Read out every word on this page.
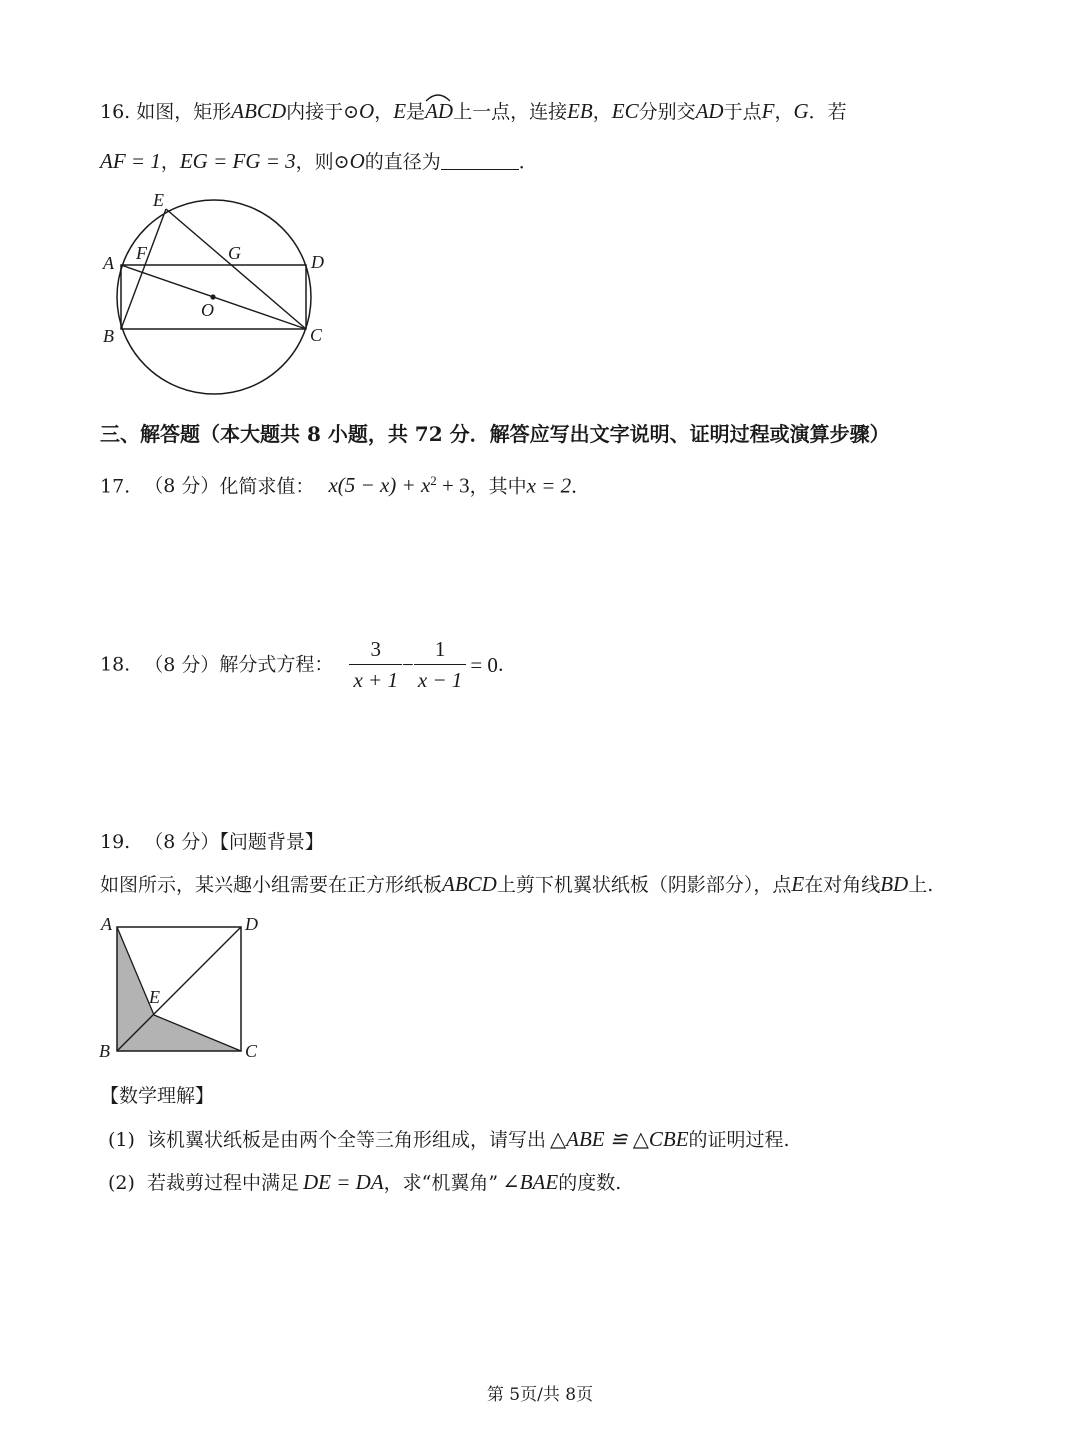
16. 如图，矩形ABCD内接于⊙O，E是
AD上一点，连接EB，EC分别交AD于点F，G．若
AF = 1，EG = FG = 3，则⊙O的直径为	．
E
A F	G	D
O
B	C
三、解答题（本大题共 8 小题，共 72 分．解答应写出文字说明、证明过程或演算步骤）
17. （8 分）化简求值： $x(5 - x) + x^2 + 3$，其中x = 2．
18. （8 分）解分式方程： $\frac{3}{x + 1} - \frac{1}{x - 1} = 0$．
19. （8 分）【问题背景】
如图所示，某兴趣小组需要在正方形纸板ABCD上剪下机翼状纸板（阴影部分），点E在对角线BD上.
A	D
E
B	C
【数学理解】
(1) 该机翼状纸板是由两个全等三角形组成，请写出 △ABE ≌ △CBE的证明过程.
(2) 若裁剪过程中满足 DE = DA，求“机翼角” ∠BAE的度数.
第 5页/共 8页
